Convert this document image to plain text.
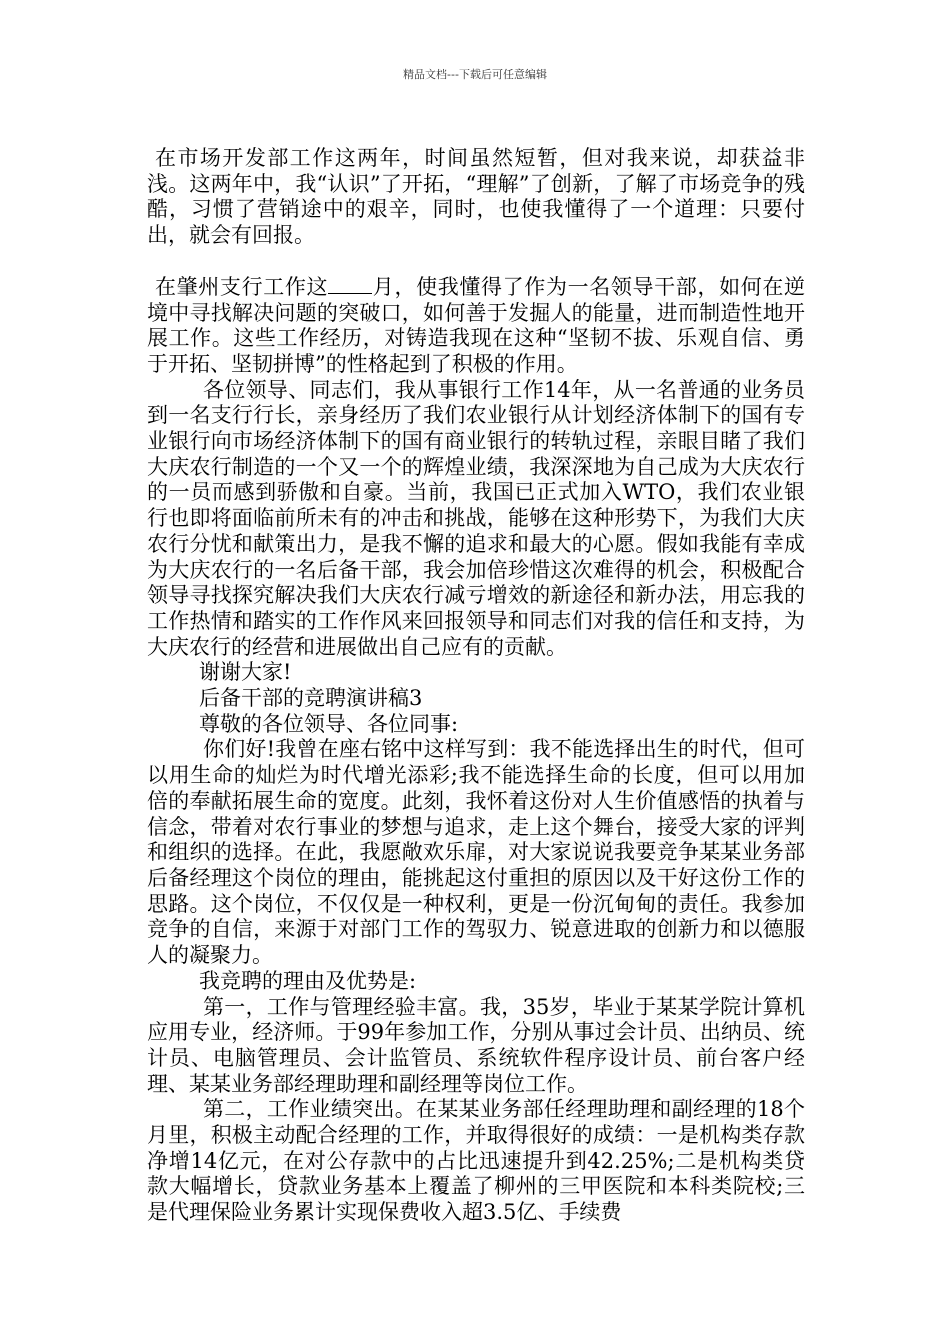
精品文档---下载后可任意编辑

在市场开发部工作这两年，时间虽然短暂，但对我来说，却获益非浅。这两年中，我“认识”了开拓，“理解”了创新，了解了市场竞争的残酷，习惯了营销途中的艰辛，同时，也使我懂得了一个道理：只要付出，就会有回报。

在肇州支行工作这 月，使我懂得了作为一名领导干部，如何在逆境中寻找解决问题的突破口，如何善于发掘人的能量，进而制造性地开展工作。这些工作经历，对铸造我现在这种“坚韧不拔、乐观自信、勇于开拓、坚韧拼博”的性格起到了积极的作用。

各位领导、同志们，我从事银行工作14年，从一名普通的业务员到一名支行行长，亲身经历了我们农业银行从计划经济体制下的国有专业银行向市场经济体制下的国有商业银行的转轨过程，亲眼目睹了我们大庆农行制造的一个又一个的辉煌业绩，我深深地为自己成为大庆农行的一员而感到骄傲和自豪。当前，我国已正式加入WTO，我们农业银行也即将面临前所未有的冲击和挑战，能够在这种形势下，为我们大庆农行分忧和献策出力，是我不懈的追求和最大的心愿。假如我能有幸成为大庆农行的一名后备干部，我会加倍珍惜这次难得的机会，积极配合领导寻找探究解决我们大庆农行减亏增效的新途径和新办法，用忘我的工作热情和踏实的工作作风来回报领导和同志们对我的信任和支持，为大庆农行的经营和进展做出自己应有的贡献。

谢谢大家!

后备干部的竞聘演讲稿3

尊敬的各位领导、各位同事:

你们好!我曾在座右铭中这样写到：我不能选择出生的时代，但可以用生命的灿烂为时代增光添彩;我不能选择生命的长度，但可以用加倍的奉献拓展生命的宽度。此刻，我怀着这份对人生价值感悟的执着与信念，带着对农行事业的梦想与追求，走上这个舞台，接受大家的评判和组织的选择。在此，我愿敞欢乐扉，对大家说说我要竞争某某业务部后备经理这个岗位的理由，能挑起这付重担的原因以及干好这份工作的思路。这个岗位，不仅仅是一种权利，更是一份沉甸甸的责任。我参加竞争的自信，来源于对部门工作的驾驭力、锐意进取的创新力和以德服人的凝聚力。

我竞聘的理由及优势是:

第一，工作与管理经验丰富。我，35岁，毕业于某某学院计算机应用专业，经济师。于99年参加工作，分别从事过会计员、出纳员、统计员、电脑管理员、会计监管员、系统软件程序设计员、前台客户经理、某某业务部经理助理和副经理等岗位工作。

第二，工作业绩突出。在某某业务部任经理助理和副经理的18个月里，积极主动配合经理的工作，并取得很好的成绩：一是机构类存款净增14亿元，在对公存款中的占比迅速提升到42.25%;二是机构类贷款大幅增长，贷款业务基本上覆盖了柳州的三甲医院和本科类院校;三是代理保险业务累计实现保费收入超3.5亿、手续费
